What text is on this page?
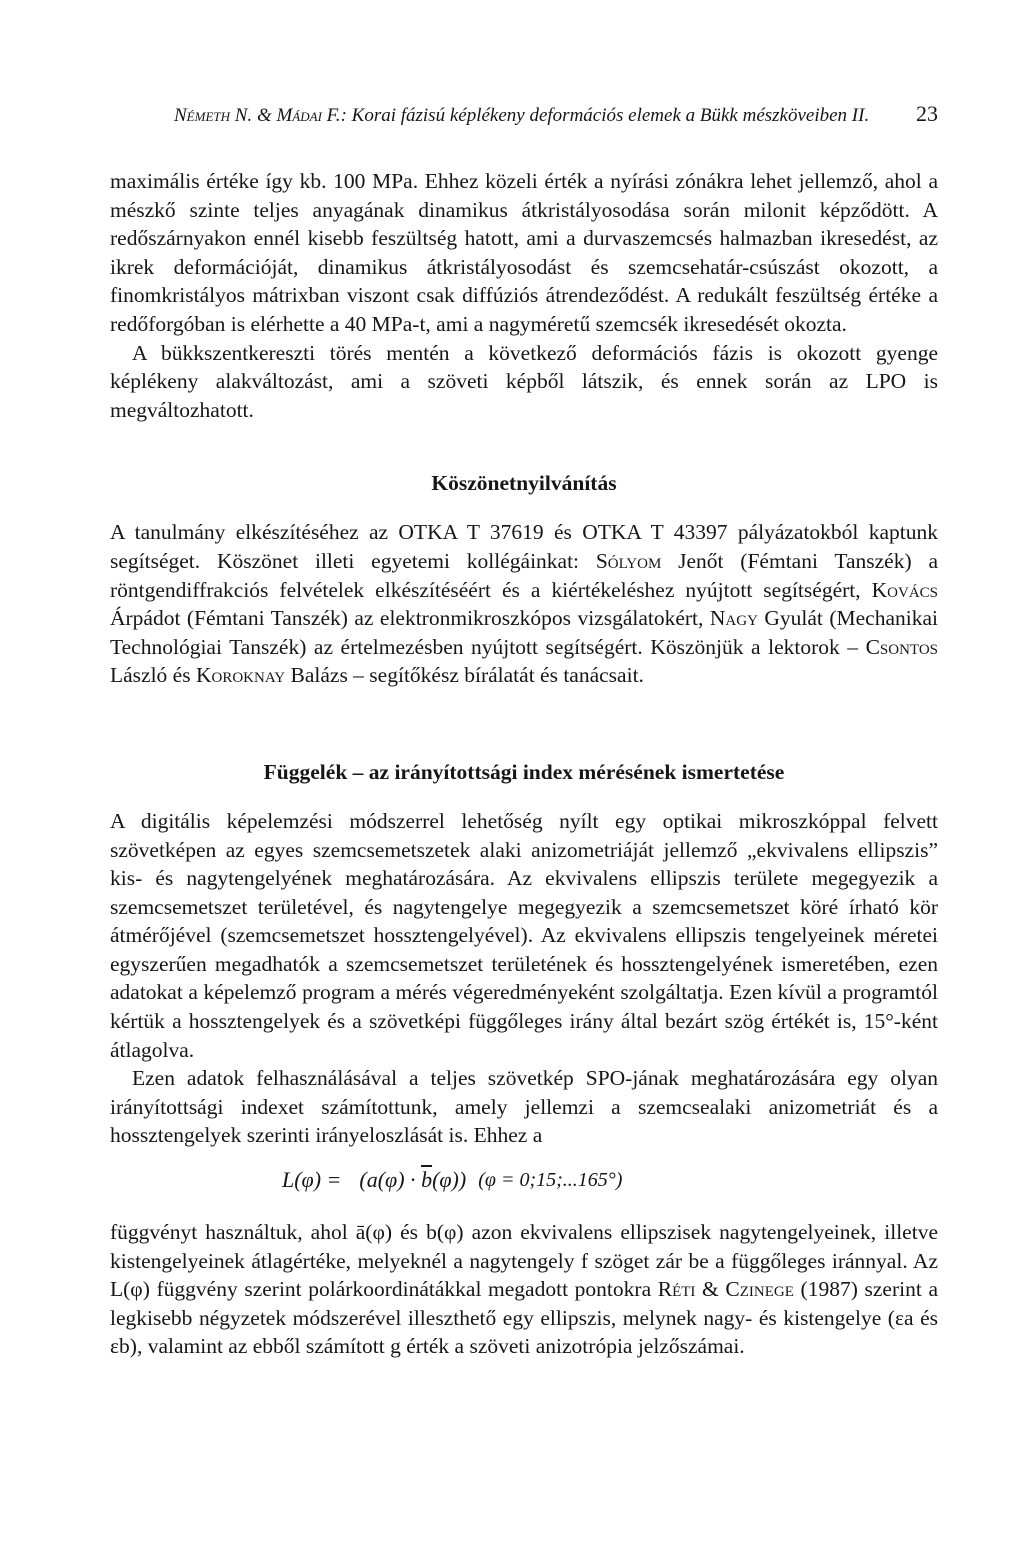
Németh N. & Mádai F.: Korai fázisú képlékeny deformációs elemek a Bükk mészköveiben II. 23

maximális értéke így kb. 100 MPa. Ehhez közeli érték a nyírási zónákra lehet jellemző, ahol a mészkő szinte teljes anyagának dinamikus átkristályosodása során milonit képződött. A redőszárnyakon ennél kisebb feszültség hatott, ami a durvaszemcsés halmazban ikresedést, az ikrek deformációját, dinamikus átkristályosodást és szemcsehatár-csúszást okozott, a finomkristályos mátrixban viszont csak diffúziós átrendeződést. A redukált feszültség értéke a redőforgóban is elérhette a 40 MPa-t, ami a nagyméretű szemcsék ikresedését okozta.

A bükkszentkereszti törés mentén a következő deformációs fázis is okozott gyenge képlékeny alakváltozást, ami a szöveti képből látszik, és ennek során az LPO is megváltozhatott.

Köszönetnyilvánítás

A tanulmány elkészítéséhez az OTKA T 37619 és OTKA T 43397 pályázatokból kaptunk segítséget. Köszönet illeti egyetemi kollégáinkat: Sólyom Jenőt (Fémtani Tanszék) a röntgendiffrakciós felvételek elkészítéséért és a kiértékeléshez nyújtott segítségért, Kovács Árpádot (Fémtani Tanszék) az elektronmikroszkópos vizsgálatokért, Nagy Gyulát (Mechanikai Technológiai Tanszék) az értelmezésben nyújtott segítségért. Köszönjük a lektorok – Csontos László és Koroknay Balázs – segítőkész bírálatát és tanácsait.

Függelék – az irányítottsági index mérésének ismertetése

A digitális képelemzési módszerrel lehetőség nyílt egy optikai mikroszkóppal felvett szövetképen az egyes szemcsemetszetek alaki anizometriáját jellemző „ekvivalens ellipszis” kis- és nagytengelyének meghatározására. Az ekvivalens ellipszis területe megegyezik a szemcsemetszet területével, és nagytengelye megegyezik a szemcsemetszet köré írható kör átmérőjével (szemcsemetszet hossztengelyével). Az ekvivalens ellipszis tengelyeinek méretei egyszerűen megadhatók a szemcsemetszet területének és hossztengelyének ismeretében, ezen adatokat a képelemző program a mérés végeredményeként szolgáltatja. Ezen kívül a programtól kértük a hossztengelyek és a szövetképi függőleges irány által bezárt szög értékét is, 15°-ként átlagolva.

Ezen adatok felhasználásával a teljes szövetkép SPO-jának meghatározására egy olyan irányítottsági indexet számítottunk, amely jellemzi a szemcsealaki anizometriát és a hossztengelyek szerinti irányeloszlását is. Ehhez a

$L(\varphi) = (a(\varphi) \cdot \overline{b}(\varphi))$ (φ = 0;15;...165°)

függvényt használtuk, ahol ā(φ) és b(φ) azon ekvivalens ellipszisek nagytengelyeinek, illetve kistengelyeinek átlagértéke, melyeknél a nagytengely f szöget zár be a függőleges iránnyal. Az L(φ) függvény szerint polárkoordinátákkal megadott pontokra Réti & Czinege (1987) szerint a legkisebb négyzetek módszerével illeszthető egy ellipszis, melynek nagy- és kistengelye (εa és εb), valamint az ebből számított g érték a szöveti anizotrópia jelzőszámai.
